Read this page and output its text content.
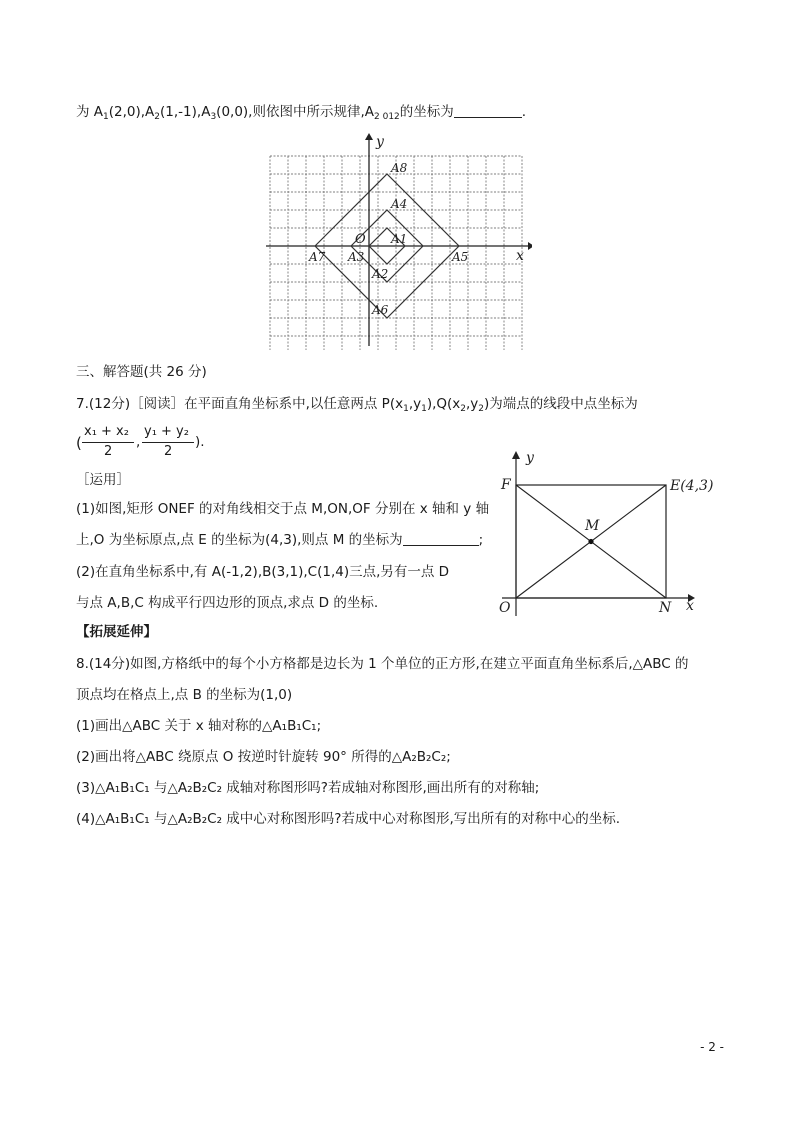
为 $A_1(2,0),A_2(1,-1),A_3(0,0)$,则依图中所示规律$,A_{2 012}$的坐标为	.
y
x
O A1
A2
A3
A4
A5
A6
A7
A8
三、解答题(共 26 分)
7.(12分)［阅读］在平面直角坐标系中,以任意两点 $P(x_1,y_1),Q(x_2,y_2)$为端点的线段中点坐标为
(
x₁ + x₂
2
,
y₁ + y₂
2
).
［运用］
(1)如图,矩形 ONEF 的对角线相交于点 M,ON,OF 分别在 x 轴和 y 轴
上,O 为坐标原点,点 E 的坐标为(4,3),则点 M 的坐标为	;
(2)在直角坐标系中,有 A(-1,2),B(3,1),C(1,4)三点,另有一点 D
与点 A,B,C 构成平行四边形的顶点,求点 D 的坐标.
y
x
F	E(4,3)
M
O	N
【拓展延伸】
8.(14分)如图,方格纸中的每个小方格都是边长为 1 个单位的正方形,在建立平面直角坐标系后,△ABC 的
顶点均在格点上,点 B 的坐标为(1,0)
(1)画出△ABC 关于 x 轴对称的△A₁B₁C₁;
(2)画出将△ABC 绕原点 O 按逆时针旋转 90° 所得的△A₂B₂C₂;
(3)△A₁B₁C₁ 与△A₂B₂C₂ 成轴对称图形吗?若成轴对称图形,画出所有的对称轴;
(4)△A₁B₁C₁ 与△A₂B₂C₂ 成中心对称图形吗?若成中心对称图形,写出所有的对称中心的坐标.
- 2 -
